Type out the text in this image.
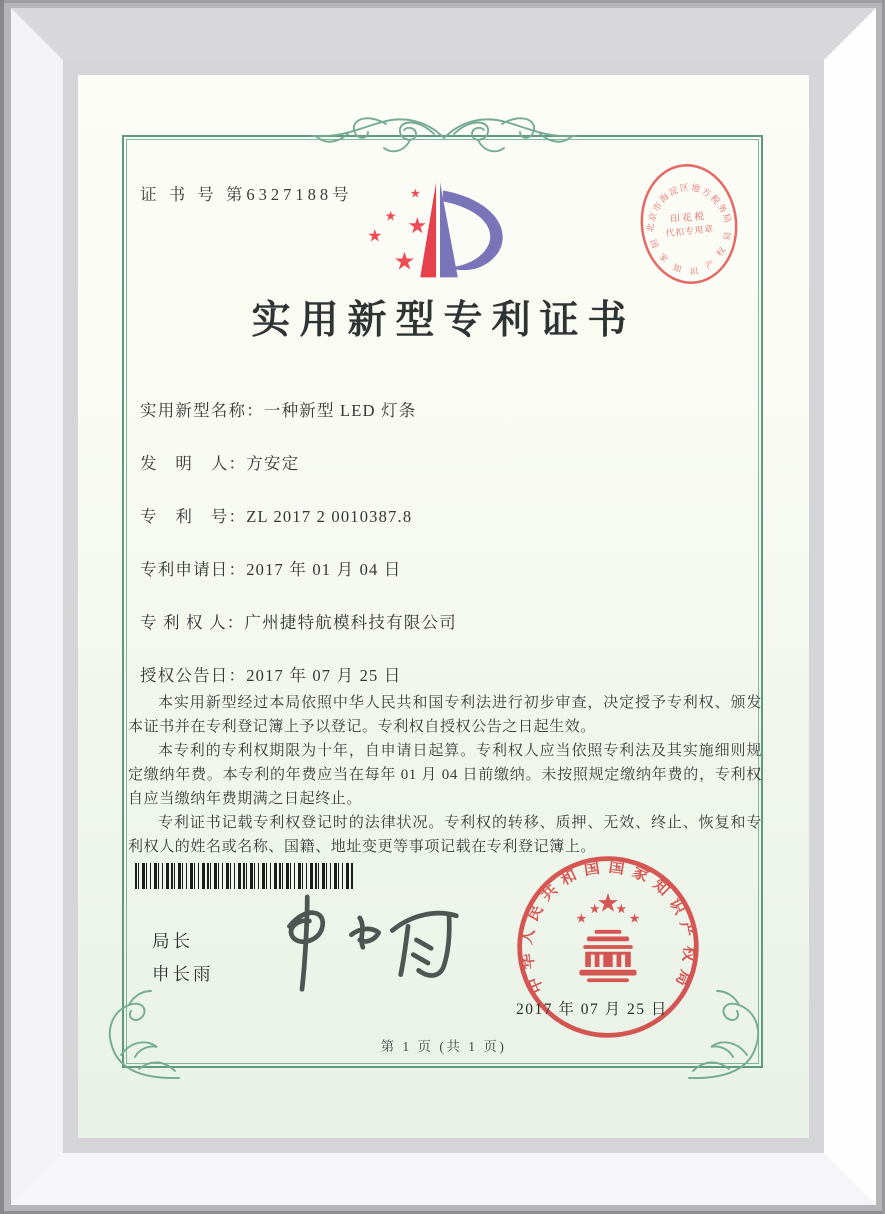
证 书 号 第6327188号
北京市海淀区地方税务局
国
家
知 识
产
权
局
印花税
代扣专用章
实用新型专利证书
实用新型名称：一种新型 LED 灯条
发　明　人：方安定
专　利　号：ZL 2017 2 0010387.8
专利申请日：2017 年 01 月 04 日
专 利 权 人：广州捷特航模科技有限公司
授权公告日：2017 年 07 月 25 日

本实用新型经过本局依照中华人民共和国专利法进行初步审查，决定授予专利权、颁发本证书并在专利登记簿上予以登记。专利权自授权公告之日起生效。

本专利的专利权期限为十年，自申请日起算。专利权人应当依照专利法及其实施细则规定缴纳年费。本专利的年费应当在每年 01 月 04 日前缴纳。未按照规定缴纳年费的，专利权自应当缴纳年费期满之日起终止。

专利证书记载专利权登记时的法律状况。专利权的转移、质押、无效、终止、恢复和专利权人的姓名或名称、国籍、地址变更等事项记载在专利登记簿上。

局长
申长雨	中华人民共和国国家知识产权局
2017 年 07 月 25 日
第 1 页 (共 1 页)
